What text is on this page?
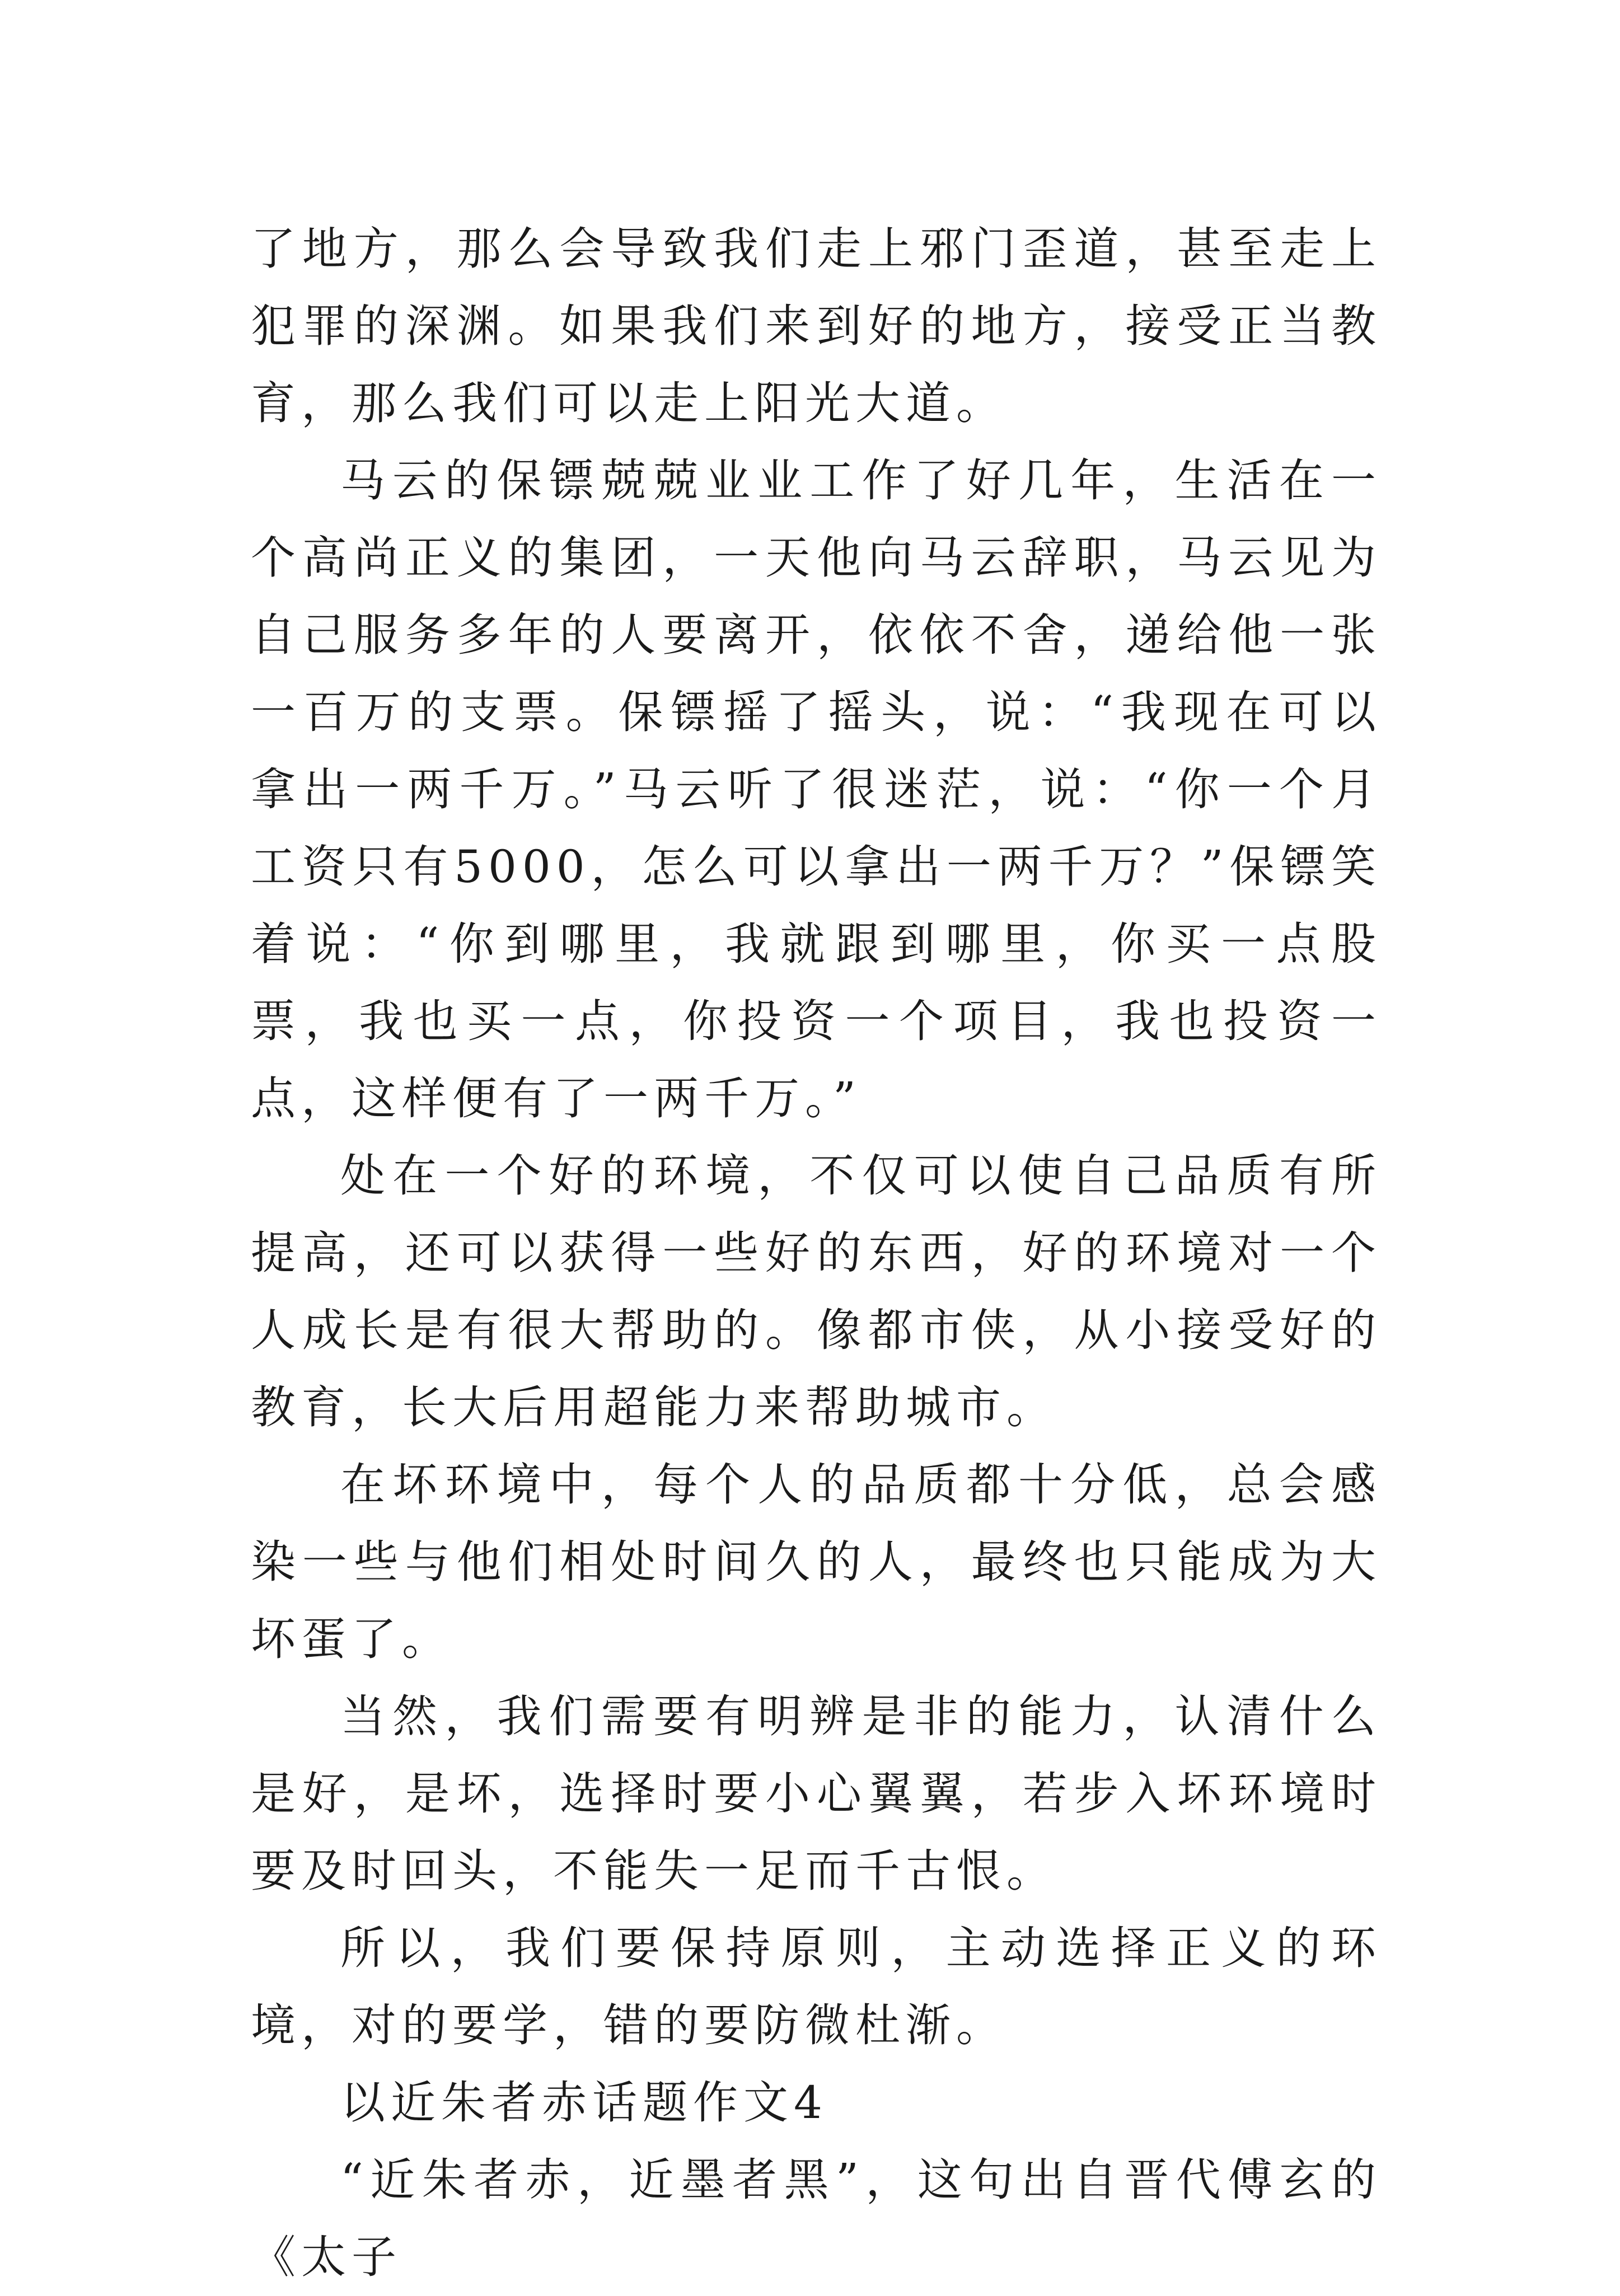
了地方，那么会导致我们走上邪门歪道，甚至走上犯罪的深渊。如果我们来到好的地方，接受正当教育，那么我们可以走上阳光大道。

马云的保镖兢兢业业工作了好几年，生活在一个高尚正义的集团，一天他向马云辞职，马云见为自己服务多年的人要离开，依依不舍，递给他一张一百万的支票。保镖摇了摇头，说：“我现在可以拿出一两千万。”马云听了很迷茫，说：“你一个月工资只有5000，怎么可以拿出一两千万？”保镖笑着说：“你到哪里，我就跟到哪里，你买一点股票，我也买一点，你投资一个项目，我也投资一点，这样便有了一两千万。”

处在一个好的环境，不仅可以使自己品质有所提高，还可以获得一些好的东西，好的环境对一个人成长是有很大帮助的。像都市侠，从小接受好的教育，长大后用超能力来帮助城市。

在坏环境中，每个人的品质都十分低，总会感染一些与他们相处时间久的人，最终也只能成为大坏蛋了。

当然，我们需要有明辨是非的能力，认清什么是好，是坏，选择时要小心翼翼，若步入坏环境时要及时回头，不能失一足而千古恨。

所以，我们要保持原则，主动选择正义的环境，对的要学，错的要防微杜渐。

以近朱者赤话题作文4

“近朱者赤，近墨者黑”，这句出自晋代傅玄的《太子
